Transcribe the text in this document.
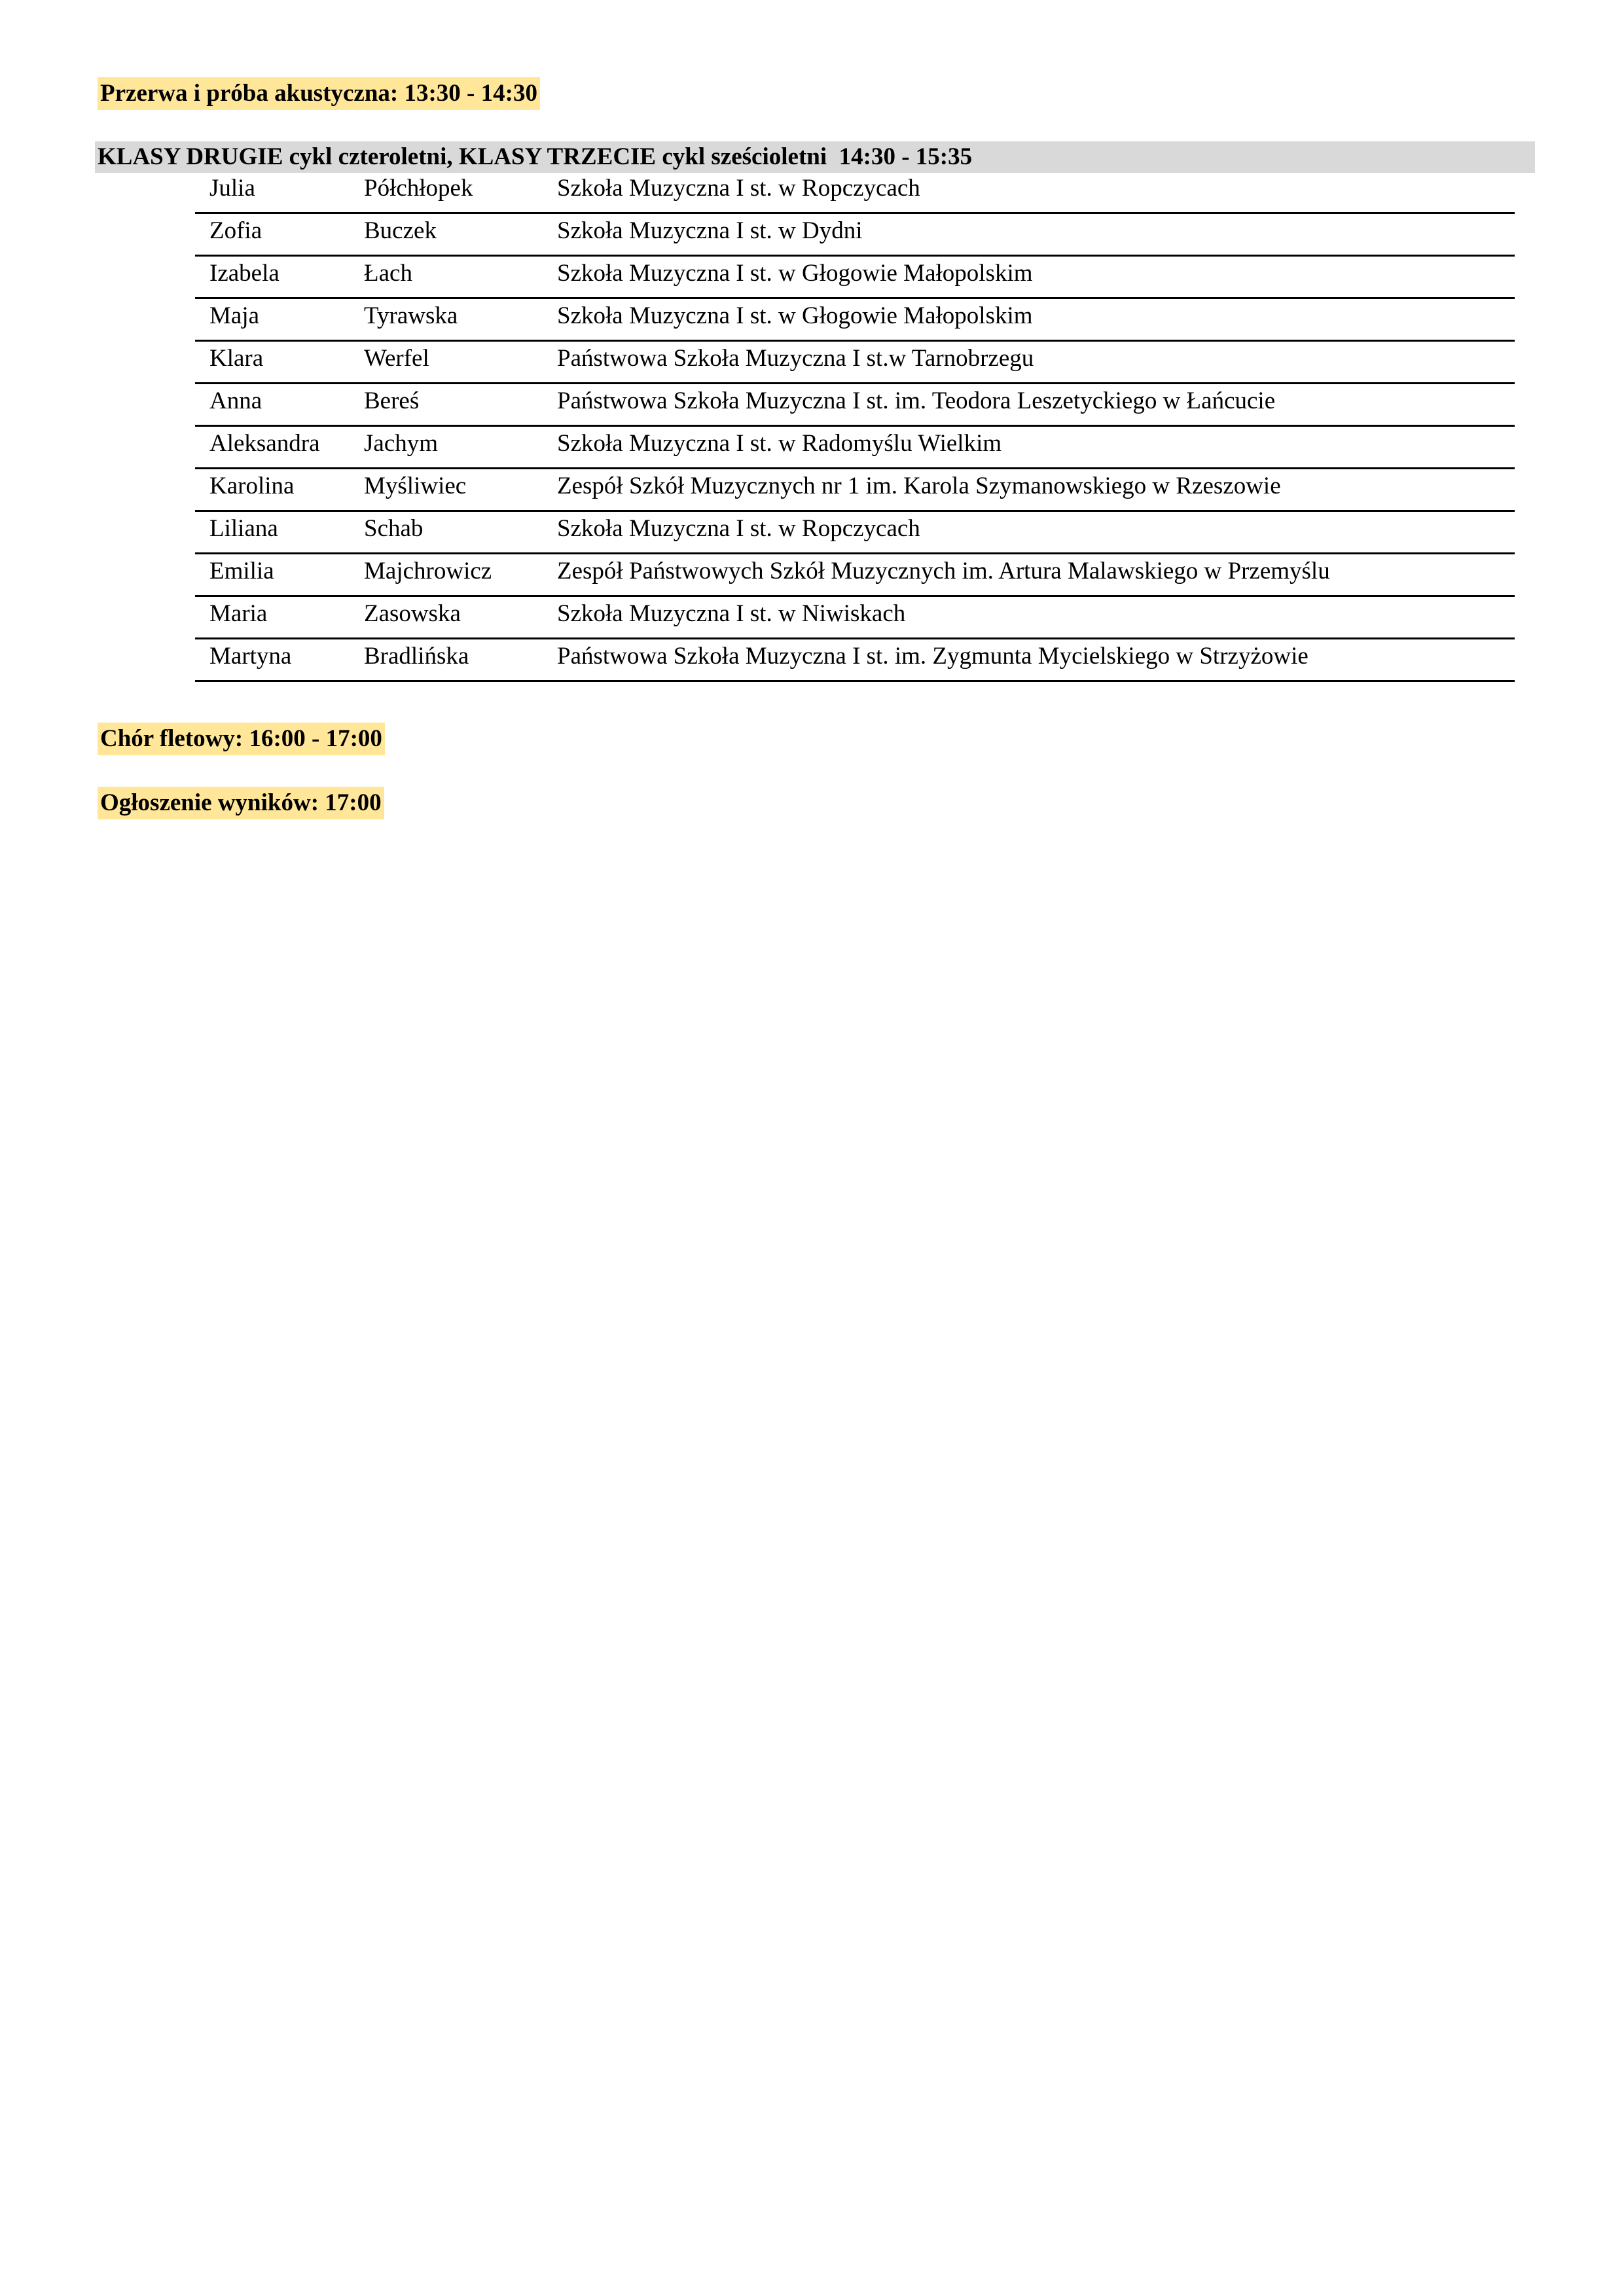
Przerwa i próba akustyczna: 13:30 - 14:30
KLASY DRUGIE cykl czteroletni, KLASY TRZECIE cykl sześcioletni  14:30 - 15:35
Julia	Półchłopek	Szkoła Muzyczna I st. w Ropczycach
Zofia	Buczek	Szkoła Muzyczna I st. w Dydni
Izabela	Łach	Szkoła Muzyczna I st. w Głogowie Małopolskim
Maja	Tyrawska	Szkoła Muzyczna I st. w Głogowie Małopolskim
Klara	Werfel	Państwowa Szkoła Muzyczna I st.w Tarnobrzegu
Anna	Bereś	Państwowa Szkoła Muzyczna I st. im. Teodora Leszetyckiego w Łańcucie
Aleksandra Jachym	Szkoła Muzyczna I st. w Radomyślu Wielkim
Karolina	Myśliwiec	Zespół Szkół Muzycznych nr 1 im. Karola Szymanowskiego w Rzeszowie
Liliana	Schab	Szkoła Muzyczna I st. w Ropczycach
Emilia	Majchrowicz	Zespół Państwowych Szkół Muzycznych im. Artura Malawskiego w Przemyślu
Maria	Zasowska	Szkoła Muzyczna I st. w Niwiskach
Martyna	Bradlińska	Państwowa Szkoła Muzyczna I st. im. Zygmunta Mycielskiego w Strzyżowie
Chór fletowy: 16:00 - 17:00
Ogłoszenie wyników: 17:00
